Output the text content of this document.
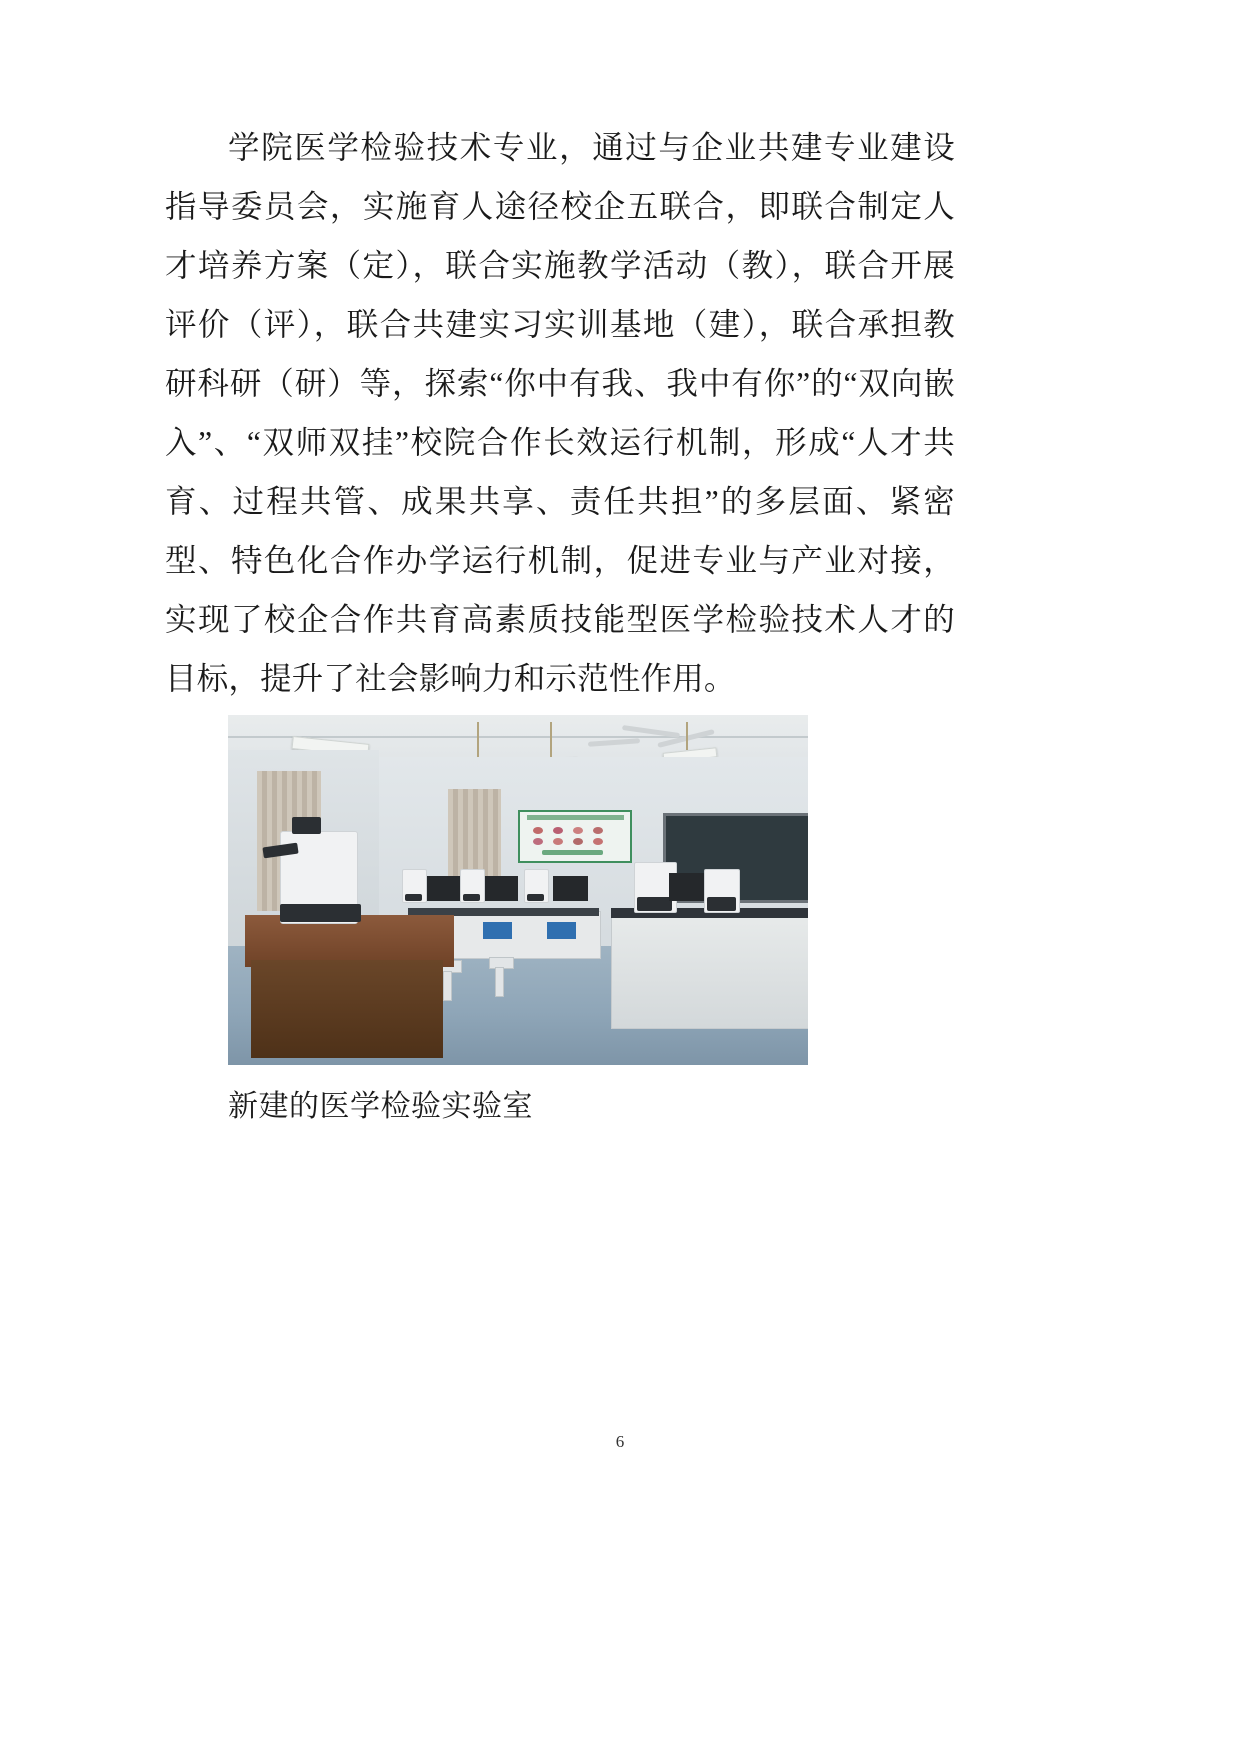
学院医学检验技术专业，通过与企业共建专业建设指导委员会，实施育人途径校企五联合，即联合制定人才培养方案（定），联合实施教学活动（教），联合开展评价（评），联合共建实习实训基地（建），联合承担教研科研（研）等，探索“你中有我、我中有你”的“双向嵌入”、“双师双挂”校院合作长效运行机制，形成“人才共育、过程共管、成果共享、责任共担”的多层面、紧密型、特色化合作办学运行机制，促进专业与产业对接，实现了校企合作共育高素质技能型医学检验技术人才的目标，提升了社会影响力和示范性作用。

新建的医学检验实验室
6
